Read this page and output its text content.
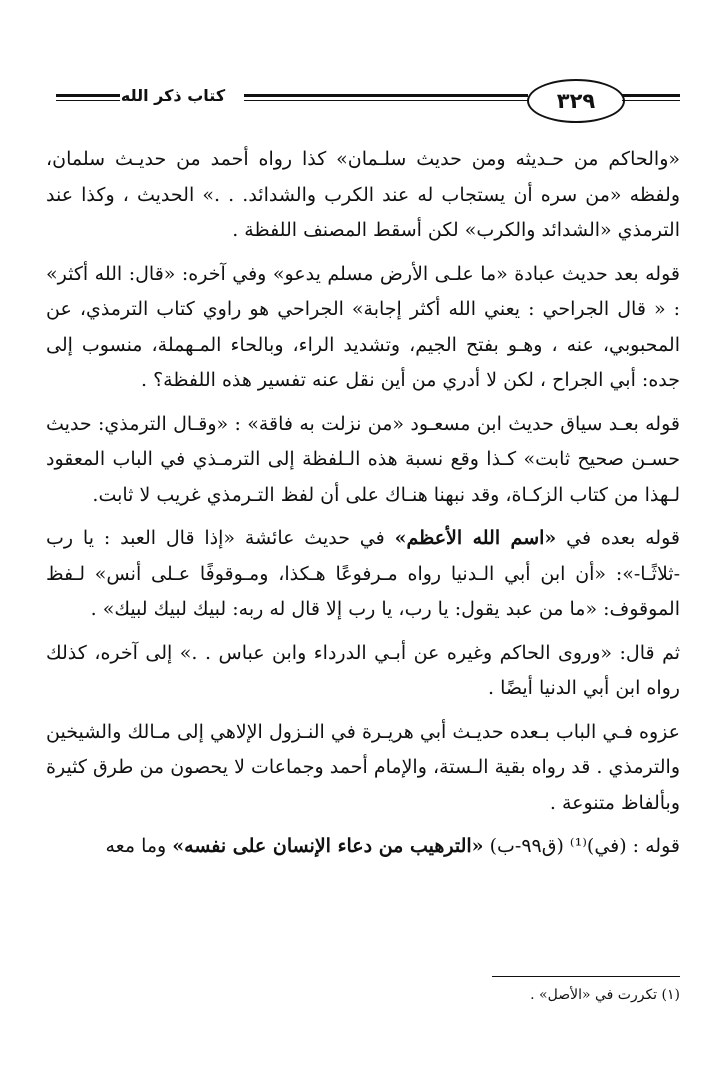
كتاب ذكر الله	٣٢٩

«والحاكم من حـديثه ومن حديث سلـمان» كذا رواه أحمد من حديـث سلمان، ولفظه «من سره أن يستجاب له عند الكرب والشدائد. . .» الحديث ، وكذا عند الترمذي «الشدائد والكرب» لكن أسقط المصنف اللفظة .

قوله بعد حديث عبادة «ما علـى الأرض مسلم يدعو» وفي آخره: «قال: الله أكثر» : « قال الجراحي : يعني الله أكثر إجابة» الجراحي هو راوي كتاب الترمذي، عن المحبوبي، عنه ، وهـو بفتح الجيم، وتشديد الراء، وبالحاء المـهملة، منسوب إلى جده: أبي الجراح ، لكن لا أدري من أين نقل عنه تفسير هذه اللفظة؟ .

قوله بعـد سياق حديث ابن مسعـود «من نزلت به فاقة» : «وقـال الترمذي: حديث حسـن صحيح ثابت» كـذا وقع نسبة هذه الـلفظة إلى الترمـذي في الباب المعقود لـهذا من كتاب الزكـاة، وقد نبهنا هنـاك على أن لفظ التـرمذي غريب لا ثابت.

قوله بعده في «اسم الله الأعظم» في حديث عائشة «إذا قال العبد : يا رب -ثلاثًـا-»: «أن ابن أبي الـدنيا رواه مـرفوعًا هـكذا، ومـوقوفًا عـلى أنس» لـفظ الموقوف: «ما من عبد يقول: يا رب، يا رب إلا قال له ربه: لبيك لبيك لبيك» .

ثم قال: «وروى الحاكم وغيره عن أبـي الدرداء وابن عباس . .» إلى آخره، كذلك رواه ابن أبي الدنيا أيضًا .

عزوه فـي الباب بـعده حديـث أبي هريـرة في النـزول الإلاهي إلى مـالك والشيخين والترمذي . قد رواه بقية الـستة، والإمام أحمد وجماعات لا يحصون من طرق كثيرة وبألفاظ متنوعة .

قوله : (في)⁽¹⁾ (ق٩٩-ب) «الترهيب من دعاء الإنسان على نفسه» وما معه

(١) تكررت في «الأصل» .
